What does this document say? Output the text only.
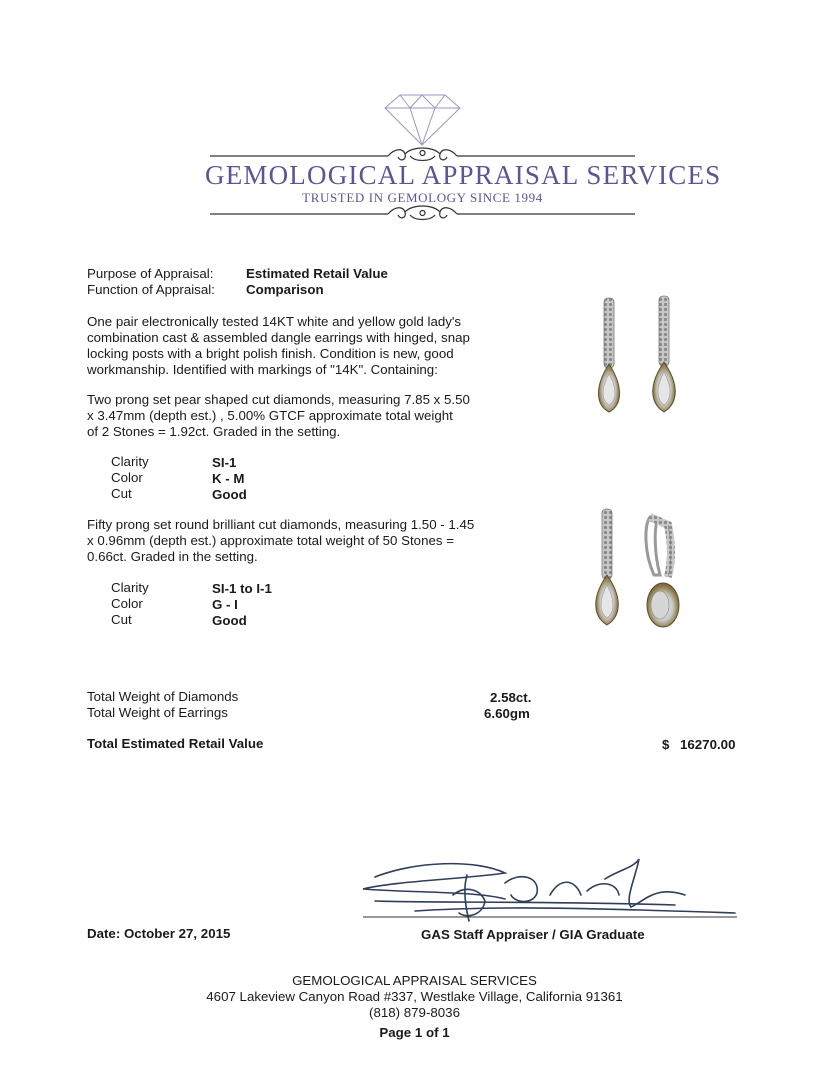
GEMOLOGICAL APPRAISAL SERVICES
TRUSTED IN GEMOLOGY SINCE 1994
Purpose of Appraisal: Estimated Retail Value
Function of Appraisal: Comparison
One pair electronically tested 14KT white and yellow gold lady's
combination cast & assembled dangle earrings with hinged, snap
locking posts with a bright polish finish. Condition is new, good
workmanship. Identified with markings of "14K". Containing:
Two prong set pear shaped cut diamonds, measuring 7.85 x 5.50
x 3.47mm (depth est.) , 5.00% GTCF approximate total weight
of 2 Stones = 1.92ct. Graded in the setting.
Clarity	SI-1
Color	K - M
Cut	Good
Fifty prong set round brilliant cut diamonds, measuring 1.50 - 1.45
x 0.96mm (depth est.) approximate total weight of 50 Stones =
0.66ct. Graded in the setting.
Clarity	SI-1 to I-1
Color	G - I
Cut	Good
Total Weight of Diamonds	2.58ct.
Total Weight of Earrings	6.60gm
Total Estimated Retail Value	$ 16270.00
Date: October 27, 2015	GAS Staff Appraiser / GIA Graduate
GEMOLOGICAL APPRAISAL SERVICES
4607 Lakeview Canyon Road #337, Westlake Village, California 91361
(818) 879-8036
Page 1 of 1
